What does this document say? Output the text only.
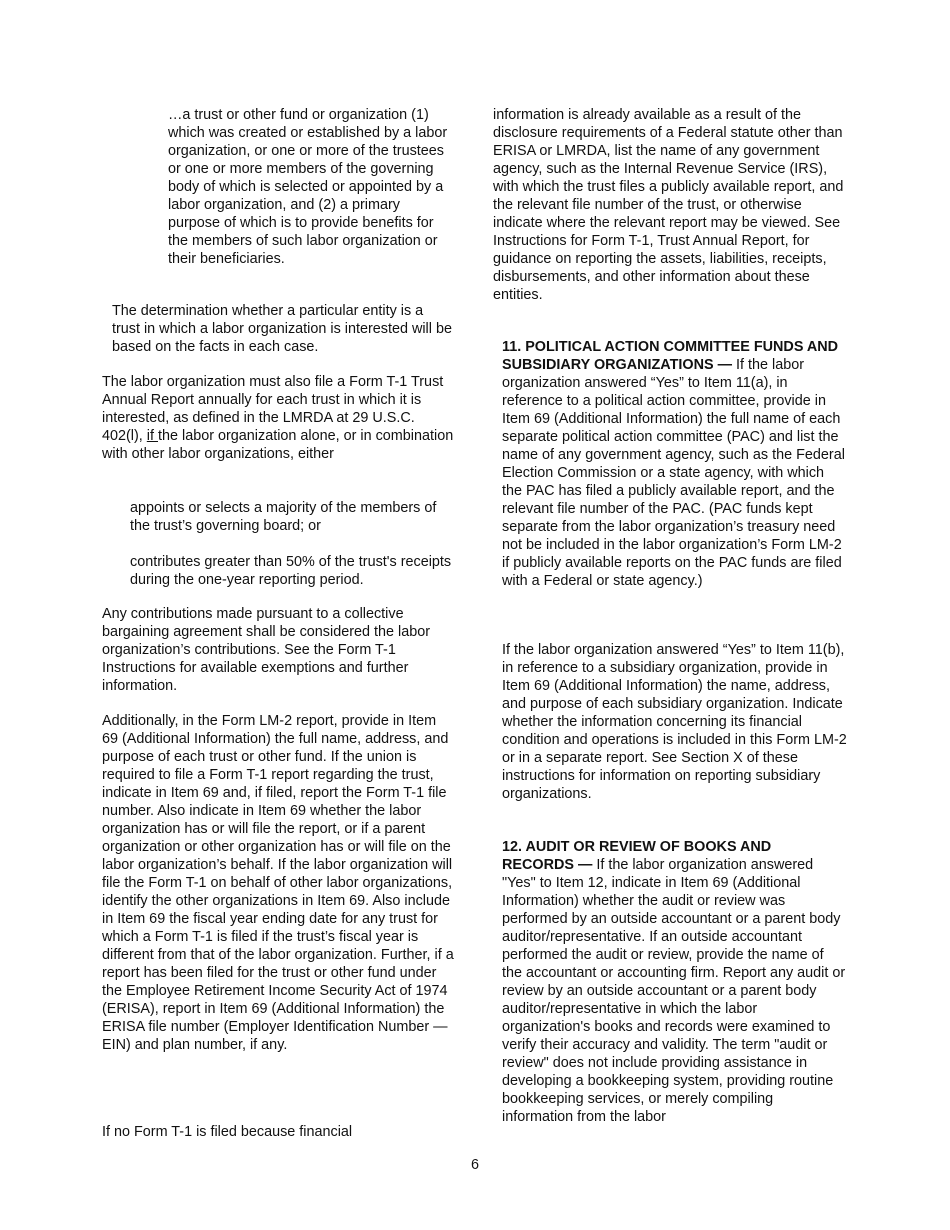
…a trust or other fund or organization (1) which was created or established by a labor organization, or one or more of the trustees or one or more members of the governing body of which is selected or appointed by a labor organization, and (2) a primary purpose of which is to provide benefits for the members of such labor organization or their beneficiaries.

The determination whether a particular entity is a trust in which a labor organization is interested will be based on the facts in each case.

The labor organization must also file a Form T-1 Trust Annual Report annually for each trust in which it is interested, as defined in the LMRDA at 29 U.S.C. 402(l), if the labor organization alone, or in combination with other labor organizations, either

appoints or selects a majority of the members of the trust’s governing board; or

contributes greater than 50% of the trust's receipts during the one-year reporting period.

Any contributions made pursuant to a collective bargaining agreement shall be considered the labor organization’s contributions. See the Form T-1 Instructions for available exemptions and further information.

Additionally, in the Form LM-2 report, provide in Item 69 (Additional Information) the full name, address, and purpose of each trust or other fund. If the union is required to file a Form T-1 report regarding the trust, indicate in Item 69 and, if filed, report the Form T-1 file number. Also indicate in Item 69 whether the labor organization has or will file the report, or if a parent organization or other organization has or will file on the labor organization’s behalf. If the labor organization will file the Form T-1 on behalf of other labor organizations, identify the other organizations in Item 69. Also include in Item 69 the fiscal year ending date for any trust for which a Form T-1 is filed if the trust’s fiscal year is different from that of the labor organization. Further, if a report has been filed for the trust or other fund under the Employee Retirement Income Security Act of 1974 (ERISA), report in Item 69 (Additional Information) the ERISA file number (Employer Identification Number — EIN) and plan number, if any.

If no Form T-1 is filed because financial

information is already available as a result of the disclosure requirements of a Federal statute other than ERISA or LMRDA, list the name of any government agency, such as the Internal Revenue Service (IRS), with which the trust files a publicly available report, and the relevant file number of the trust, or otherwise indicate where the relevant report may be viewed. See Instructions for Form T-1, Trust Annual Report, for guidance on reporting the assets, liabilities, receipts, disbursements, and other information about these entities.

11. POLITICAL ACTION COMMITTEE FUNDS AND SUBSIDIARY ORGANIZATIONS — If the labor organization answered “Yes” to Item 11(a), in reference to a political action committee, provide in Item 69 (Additional Information) the full name of each separate political action committee (PAC) and list the name of any government agency, such as the Federal Election Commission or a state agency, with which the PAC has filed a publicly available report, and the relevant file number of the PAC. (PAC funds kept separate from the labor organization’s treasury need not be included in the labor organization’s Form LM-2 if publicly available reports on the PAC funds are filed with a Federal or state agency.)

If the labor organization answered “Yes” to Item 11(b), in reference to a subsidiary organization, provide in Item 69 (Additional Information) the name, address, and purpose of each subsidiary organization. Indicate whether the information concerning its financial condition and operations is included in this Form LM-2 or in a separate report. See Section X of these instructions for information on reporting subsidiary organizations.

12. AUDIT OR REVIEW OF BOOKS AND RECORDS — If the labor organization answered "Yes" to Item 12, indicate in Item 69 (Additional Information) whether the audit or review was performed by an outside accountant or a parent body auditor/representative. If an outside accountant performed the audit or review, provide the name of the accountant or accounting firm. Report any audit or review by an outside accountant or a parent body auditor/representative in which the labor organization's books and records were examined to verify their accuracy and validity. The term "audit or review" does not include providing assistance in developing a bookkeeping system, providing routine bookkeeping services, or merely compiling information from the labor

6
